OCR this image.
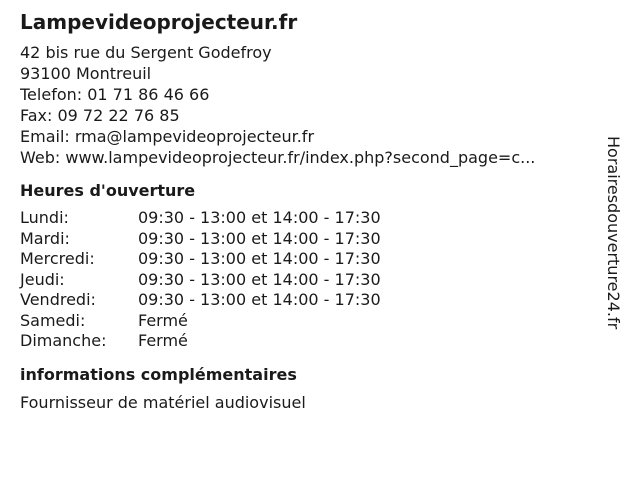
Lampevideoprojecteur.fr
42 bis rue du Sergent Godefroy
93100 Montreuil
Telefon: 01 71 86 46 66
Fax: 09 72 22 76 85
Email: rma@lampevideoprojecteur.fr
Web: www.lampevideoprojecteur.fr/index.php?second_page=c...
Heures d'ouverture
Lundi:	09:30 - 13:00 et 14:00 - 17:30
Mardi:	09:30 - 13:00 et 14:00 - 17:30
Mercredi:	09:30 - 13:00 et 14:00 - 17:30
Jeudi:	09:30 - 13:00 et 14:00 - 17:30
Vendredi:	09:30 - 13:00 et 14:00 - 17:30
Samedi:	Fermé
Dimanche:	Fermé
informations complémentaires
Fournisseur de matériel audiovisuel
Horairesdouverture24.fr
